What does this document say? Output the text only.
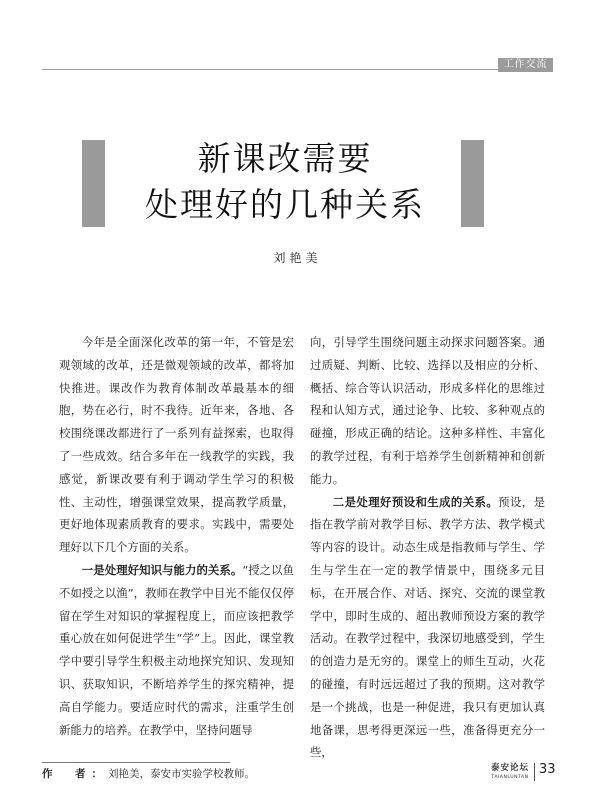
工作交流
新课改需要
处理好的几种关系
刘艳美

今年是全面深化改革的第一年，不管是宏观领域的改革，还是微观领域的改革，都将加快推进。课改作为教育体制改革最基本的细胞，势在必行，时不我待。近年来，各地、各校围绕课改都进行了一系列有益探索，也取得了一些成效。结合多年在一线教学的实践，我感觉，新课改要有利于调动学生学习的积极性、主动性，增强课堂效果，提高教学质量，更好地体现素质教育的要求。实践中，需要处理好以下几个方面的关系。

一是处理好知识与能力的关系。“授之以鱼不如授之以渔”，教师在教学中目光不能仅仅停留在学生对知识的掌握程度上，而应该把教学重心放在如何促进学生“学”上。因此，课堂教学中要引导学生积极主动地探究知识、发现知识、获取知识，不断培养学生的探究精神，提高自学能力。要适应时代的需求，注重学生创新能力的培养。在教学中，坚持问题导

向，引导学生围绕问题主动探求问题答案。通过质疑、判断、比较、选择以及相应的分析、概括、综合等认识活动，形成多样化的思维过程和认知方式，通过论争、比较、多种观点的碰撞，形成正确的结论。这种多样性、丰富化的教学过程，有利于培养学生创新精神和创新能力。

二是处理好预设和生成的关系。预设，是指在教学前对教学目标、教学方法、教学模式等内容的设计。动态生成是指教师与学生、学生与学生在一定的教学情景中，围绕多元目标，在开展合作、对话、探究、交流的课堂教学中，即时生成的、超出教师预设方案的教学活动。在教学过程中，我深切地感受到，学生的创造力是无穷的。课堂上的师生互动，火花的碰撞，有时远远超过了我的预期。这对教学是一个挑战，也是一种促进，我只有更加认真地备课，思考得更深远一些，准备得更充分一些，

作　者：刘艳美，泰安市实验学校教师。	泰安论坛
TAIANLUNTAN
33
